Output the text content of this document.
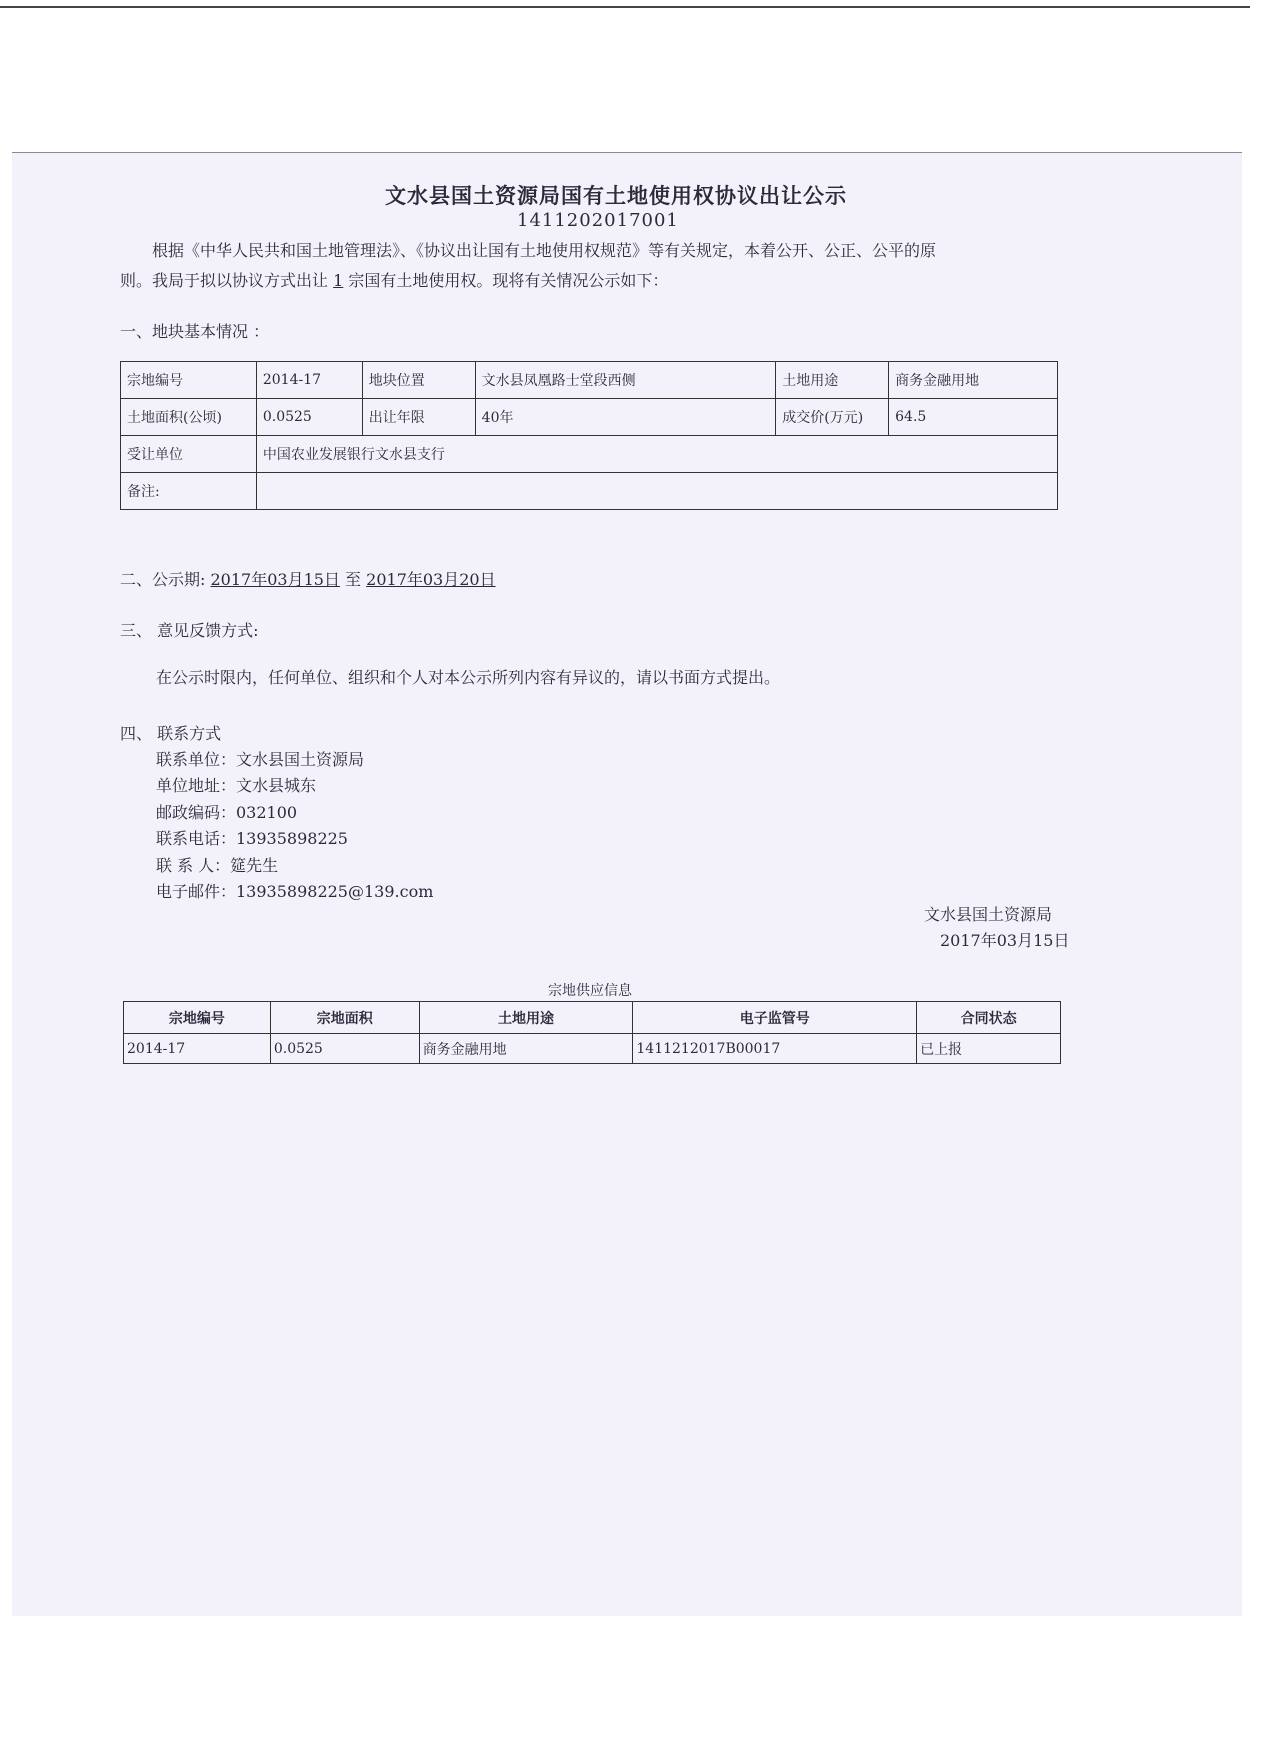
文水县国土资源局国有土地使用权协议出让公示
1411202017001

根据《中华人民共和国土地管理法》、《协议出让国有土地使用权规范》等有关规定，本着公开、公正、公平的原

则。我局于拟以协议方式出让 1 宗国有土地使用权。现将有关情况公示如下：

一、地块基本情况 ：
宗地编号	2014-17	地块位置	文水县凤凰路士堂段西侧	土地用途	商务金融用地
土地面积(公顷)	0.0525	出让年限	40年	成交价(万元)	64.5
受让单位	中国农业发展银行文水县支行				
备注:					
二、公示期: 2017年03月15日 至 2017年03月20日
三、 意见反馈方式:
在公示时限内，任何单位、组织和个人对本公示所列内容有异议的，请以书面方式提出。
四、 联系方式
联系单位：文水县国土资源局
单位地址：文水县城东
邮政编码：032100
联系电话：13935898225
联 系 人：筵先生
电子邮件：13935898225@139.com
文水县国土资源局
2017年03月15日
宗地供应信息
宗地编号	宗地面积	土地用途	电子监管号	合同状态
2014-17	0.0525	商务金融用地	1411212017B00017	已上报
